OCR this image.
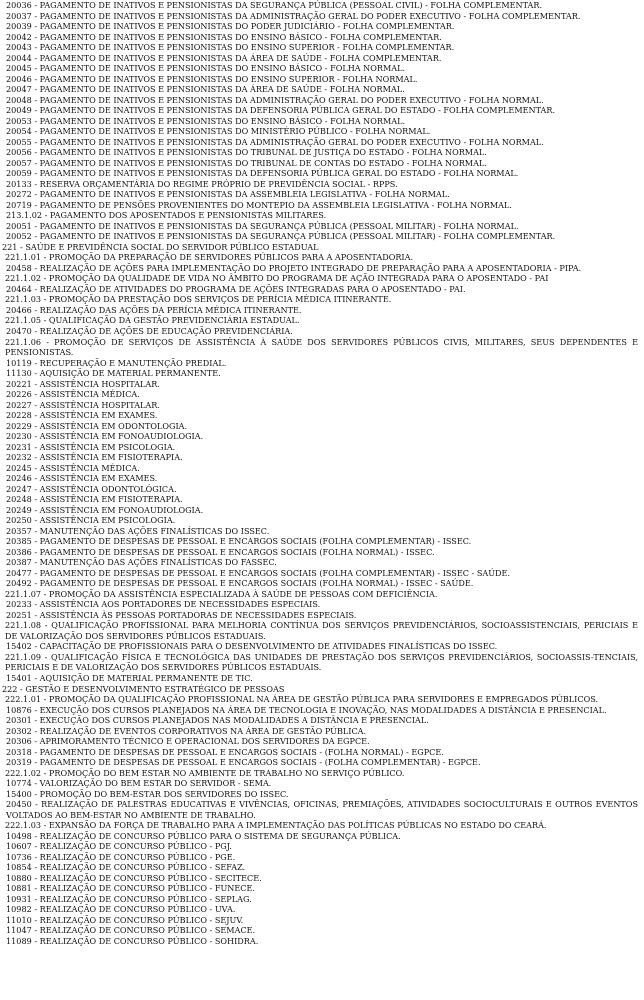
20036 - PAGAMENTO DE INATIVOS E PENSIONISTAS DA SEGURANÇA PÚBLICA (PESSOAL CIVIL) - FOLHA COMPLEMENTAR.

20037 - PAGAMENTO DE INATIVOS E PENSIONISTAS DA ADMINISTRAÇÃO GERAL DO PODER EXECUTIVO - FOLHA COMPLEMENTAR.

20039 - PAGAMENTO DE INATIVOS E PENSIONISTAS DO PODER JUDICIÁRIO - FOLHA COMPLEMENTAR.

20042 - PAGAMENTO DE INATIVOS E PENSIONISTAS DO ENSINO BÁSICO - FOLHA COMPLEMENTAR.

20043 - PAGAMENTO DE INATIVOS E PENSIONISTAS DO ENSINO SUPERIOR - FOLHA COMPLEMENTAR.

20044 - PAGAMENTO DE INATIVOS E PENSIONISTAS DA ÁREA DE SAÚDE - FOLHA COMPLEMENTAR.

20045 - PAGAMENTO DE INATIVOS E PENSIONISTAS DO ENSINO BÁSICO - FOLHA NORMAL.

20046 - PAGAMENTO DE INATIVOS E PENSIONISTAS DO ENSINO SUPERIOR - FOLHA NORMAL.

20047 - PAGAMENTO DE INATIVOS E PENSIONISTAS DA ÁREA DE SAÚDE - FOLHA NORMAL.

20048 - PAGAMENTO DE INATIVOS E PENSIONISTAS DA ADMINISTRAÇÃO GERAL DO PODER EXECUTIVO - FOLHA NORMAL.

20049 - PAGAMENTO DE INATIVOS E PENSIONISTAS DA DEFENSORIA PÚBLICA GERAL DO ESTADO - FOLHA COMPLEMENTAR.

20053 - PAGAMENTO DE INATIVOS E PENSIONISTAS DO ENSINO BÁSICO - FOLHA NORMAL.

20054 - PAGAMENTO DE INATIVOS E PENSIONISTAS DO MINISTÉRIO PÚBLICO - FOLHA NORMAL.

20055 - PAGAMENTO DE INATIVOS E PENSIONISTAS DA ADMINISTRAÇÃO GERAL DO PODER EXECUTIVO - FOLHA NORMAL.

20056 - PAGAMENTO DE INATIVOS E PENSIONISTAS DO TRIBUNAL DE JUSTIÇA DO ESTADO - FOLHA NORMAL.

20057 - PAGAMENTO DE INATIVOS E PENSIONISTAS DO TRIBUNAL DE CONTAS DO ESTADO - FOLHA NORMAL.

20059 - PAGAMENTO DE INATIVOS E PENSIONISTAS DA DEFENSORIA PÚBLICA GERAL DO ESTADO - FOLHA NORMAL.

20133 - RESERVA ORÇAMENTÁRIA DO REGIME PRÓPRIO DE PREVIDÊNCIA SOCIAL - RPPS.

20272 - PAGAMENTO DE INATIVOS E PENSIONISTAS DA ASSEMBLEIA LEGISLATIVA - FOLHA NORMAL.

20719 - PAGAMENTO DE PENSÕES PROVENIENTES DO MONTEPIO DA ASSEMBLEIA LEGISLATIVA - FOLHA NORMAL.

213.1.02 - PAGAMENTO DOS APOSENTADOS E PENSIONISTAS MILITARES.

20051 - PAGAMENTO DE INATIVOS E PENSIONISTAS DA SEGURANÇA PÚBLICA (PESSOAL MILITAR) - FOLHA NORMAL.

20052 - PAGAMENTO DE INATIVOS E PENSIONISTAS DA SEGURANÇA PÚBLICA (PESSOAL MILITAR) - FOLHA COMPLEMENTAR.

221 - SAÚDE E PREVIDÊNCIA SOCIAL DO SERVIDOR PÚBLICO ESTADUAL

221.1.01 - PROMOÇÃO DA PREPARAÇÃO DE SERVIDORES PÚBLICOS PARA A APOSENTADORIA.

20458 - REALIZAÇÃO DE AÇÕES PARA IMPLEMENTAÇÃO DO PROJETO INTEGRADO DE PREPARAÇÃO PARA A APOSENTADORIA - PIPA.

221.1.02 - PROMOÇÃO DA QUALIDADE DE VIDA NO ÂMBITO DO PROGRAMA DE AÇÃO INTEGRADA PARA O APOSENTADO - PAI

20464 - REALIZAÇÃO DE ATIVIDADES DO PROGRAMA DE AÇÕES INTEGRADAS PARA O APOSENTADO - PAI.

221.1.03 - PROMOÇÃO DA PRESTAÇÃO DOS SERVIÇOS DE PERÍCIA MÉDICA ITINERANTE.

20466 - REALIZAÇÃO DAS AÇÕES DA PERÍCIA MÉDICA ITINERANTE.

221.1.05 - QUALIFICAÇÃO DA GESTÃO PREVIDENCIÁRIA ESTADUAL.

20470 - REALIZAÇÃO DE AÇÕES DE EDUCAÇÃO PREVIDENCIÁRIA.

221.1.06 - PROMOÇÃO DE SERVIÇOS DE ASSISTÊNCIA À SAÚDE DOS SERVIDORES PÚBLICOS CIVIS, MILITARES, SEUS DEPENDENTES E PENSIONISTAS.

10119 - RECUPERAÇÃO E MANUTENÇÃO PREDIAL.

11130 - AQUISIÇÃO DE MATERIAL PERMANENTE.

20221 - ASSISTÊNCIA HOSPITALAR.

20226 - ASSISTÊNCIA MÉDICA.

20227 - ASSISTÊNCIA HOSPITALAR.

20228 - ASSISTÊNCIA EM EXAMES.

20229 - ASSISTÊNCIA EM ODONTOLOGIA.

20230 - ASSISTÊNCIA EM FONOAUDIOLOGIA.

20231 - ASSISTÊNCIA EM PSICOLOGIA.

20232 - ASSISTÊNCIA EM FISIOTERAPIA.

20245 - ASSISTÊNCIA MÉDICA.

20246 - ASSISTÊNCIA EM EXAMES.

20247 - ASSISTÊNCIA ODONTOLÓGICA.

20248 - ASSISTÊNCIA EM FISIOTERAPIA.

20249 - ASSISTÊNCIA EM FONOAUDIOLOGIA.

20250 - ASSISTÊNCIA EM PSICOLOGIA.

20357 - MANUTENÇÃO DAS AÇÕES FINALÍSTICAS DO ISSEC.

20385 - PAGAMENTO DE DESPESAS DE PESSOAL E ENCARGOS SOCIAIS (FOLHA COMPLEMENTAR) - ISSEC.

20386 - PAGAMENTO DE DESPESAS DE PESSOAL E ENCARGOS SOCIAIS (FOLHA NORMAL) - ISSEC.

20387 - MANUTENÇÃO DAS AÇÕES FINALÍSTICAS DO FASSEC.

20477 - PAGAMENTO DE DESPESAS DE PESSOAL E ENCARGOS SOCIAIS (FOLHA COMPLEMENTAR) - ISSEC - SAÚDE.

20492 - PAGAMENTO DE DESPESAS DE PESSOAL E ENCARGOS SOCIAIS (FOLHA NORMAL) - ISSEC - SAÚDE.

221.1.07 - PROMOÇÃO DA ASSISTÊNCIA ESPECIALIZADA À SAÚDE DE PESSOAS COM DEFICIÊNCIA.

20233 - ASSISTÊNCIA AOS PORTADORES DE NECESSIDADES ESPECIAIS.

20251 - ASSISTÊNCIA ÀS PESSOAS PORTADORAS DE NECESSIDADES ESPECIAIS.

221.1.08 - QUALIFICAÇÃO PROFISSIONAL PARA MELHORIA CONTÍNUA DOS SERVIÇOS PREVIDENCIÁRIOS, SOCIOASSISTENCIAIS, PERICIAIS E DE VALORIZAÇÃO DOS SERVIDORES PÚBLICOS ESTADUAIS.

15402 - CAPACITAÇÃO DE PROFISSIONAIS PARA O DESENVOLVIMENTO DE ATIVIDADES FINALÍSTICAS DO ISSEC.

221.1.09 - QUALIFICAÇÃO FÍSICA E TECNOLÓGICA DAS UNIDADES DE PRESTAÇÃO DOS SERVIÇOS PREVIDENCIÁRIOS, SOCIOASSIS-TENCIAIS, PERICIAIS E DE VALORIZAÇÃO DOS SERVIDORES PÚBLICOS ESTADUAIS.

15401 - AQUISIÇÃO DE MATERIAL PERMANENTE DE TIC.

222 - GESTÃO E DESENVOLVIMENTO ESTRATÉGICO DE PESSOAS

222.1.01 - PROMOÇÃO DA QUALIFICAÇÃO PROFISSIONAL NA ÁREA DE GESTÃO PÚBLICA PARA SERVIDORES E EMPREGADOS PÚBLICOS.

10876 - EXECUÇÃO DOS CURSOS PLANEJADOS NA ÁREA DE TECNOLOGIA E INOVAÇÃO, NAS MODALIDADES A DISTÂNCIA E PRESENCIAL.

20301 - EXECUÇÃO DOS CURSOS PLANEJADOS NAS MODALIDADES A DISTÂNCIA E PRESENCIAL.

20302 - REALIZAÇÃO DE EVENTOS CORPORATIVOS NA ÁREA DE GESTÃO PÚBLICA.

20306 - APRIMORAMENTO TÉCNICO E OPERACIONAL DOS SERVIDORES DA EGPCE.

20318 - PAGAMENTO DE DESPESAS DE PESSOAL E ENCARGOS SOCIAIS - (FOLHA NORMAL) - EGPCE.

20319 - PAGAMENTO DE DESPESAS DE PESSOAL E ENCARGOS SOCIAIS - (FOLHA COMPLEMENTAR) - EGPCE.

222.1.02 - PROMOÇÃO DO BEM ESTAR NO AMBIENTE DE TRABALHO NO SERVIÇO PÚBLICO.

10774 - VALORIZAÇÃO DO BEM ESTAR DO SERVIDOR - SEMA.

15400 - PROMOÇÃO DO BEM-ESTAR DOS SERVIDORES DO ISSEC.

20450 - REALIZAÇÃO DE PALESTRAS EDUCATIVAS E VIVÊNCIAS, OFICINAS, PREMIAÇÕES, ATIVIDADES SOCIOCULTURAIS E OUTROS EVENTOS VOLTADOS AO BEM-ESTAR NO AMBIENTE DE TRABALHO.

222.1.03 - EXPANSÃO DA FORÇA DE TRABALHO PARA A IMPLEMENTAÇÃO DAS POLÍTICAS PÚBLICAS NO ESTADO DO CEARÁ.

10498 - REALIZAÇÃO DE CONCURSO PÚBLICO PARA O SISTEMA DE SEGURANÇA PÚBLICA.

10607 - REALIZAÇÃO DE CONCURSO PÚBLICO - PGJ.

10736 - REALIZAÇÃO DE CONCURSO PÚBLICO - PGE.

10854 - REALIZAÇÃO DE CONCURSO PÚBLICO - SEFAZ.

10880 - REALIZAÇÃO DE CONCURSO PÚBLICO - SECITECE.

10881 - REALIZAÇÃO DE CONCURSO PÚBLICO - FUNECE.

10931 - REALIZAÇÃO DE CONCURSO PÚBLICO - SEPLAG.

10982 - REALIZAÇÃO DE CONCURSO PÚBLICO - UVA.

11010 - REALIZAÇÃO DE CONCURSO PÚBLICO - SEJUV.

11047 - REALIZAÇÃO DE CONCURSO PÚBLICO - SEMACE.

11089 - REALIZAÇÃO DE CONCURSO PÚBLICO - SOHIDRA.
